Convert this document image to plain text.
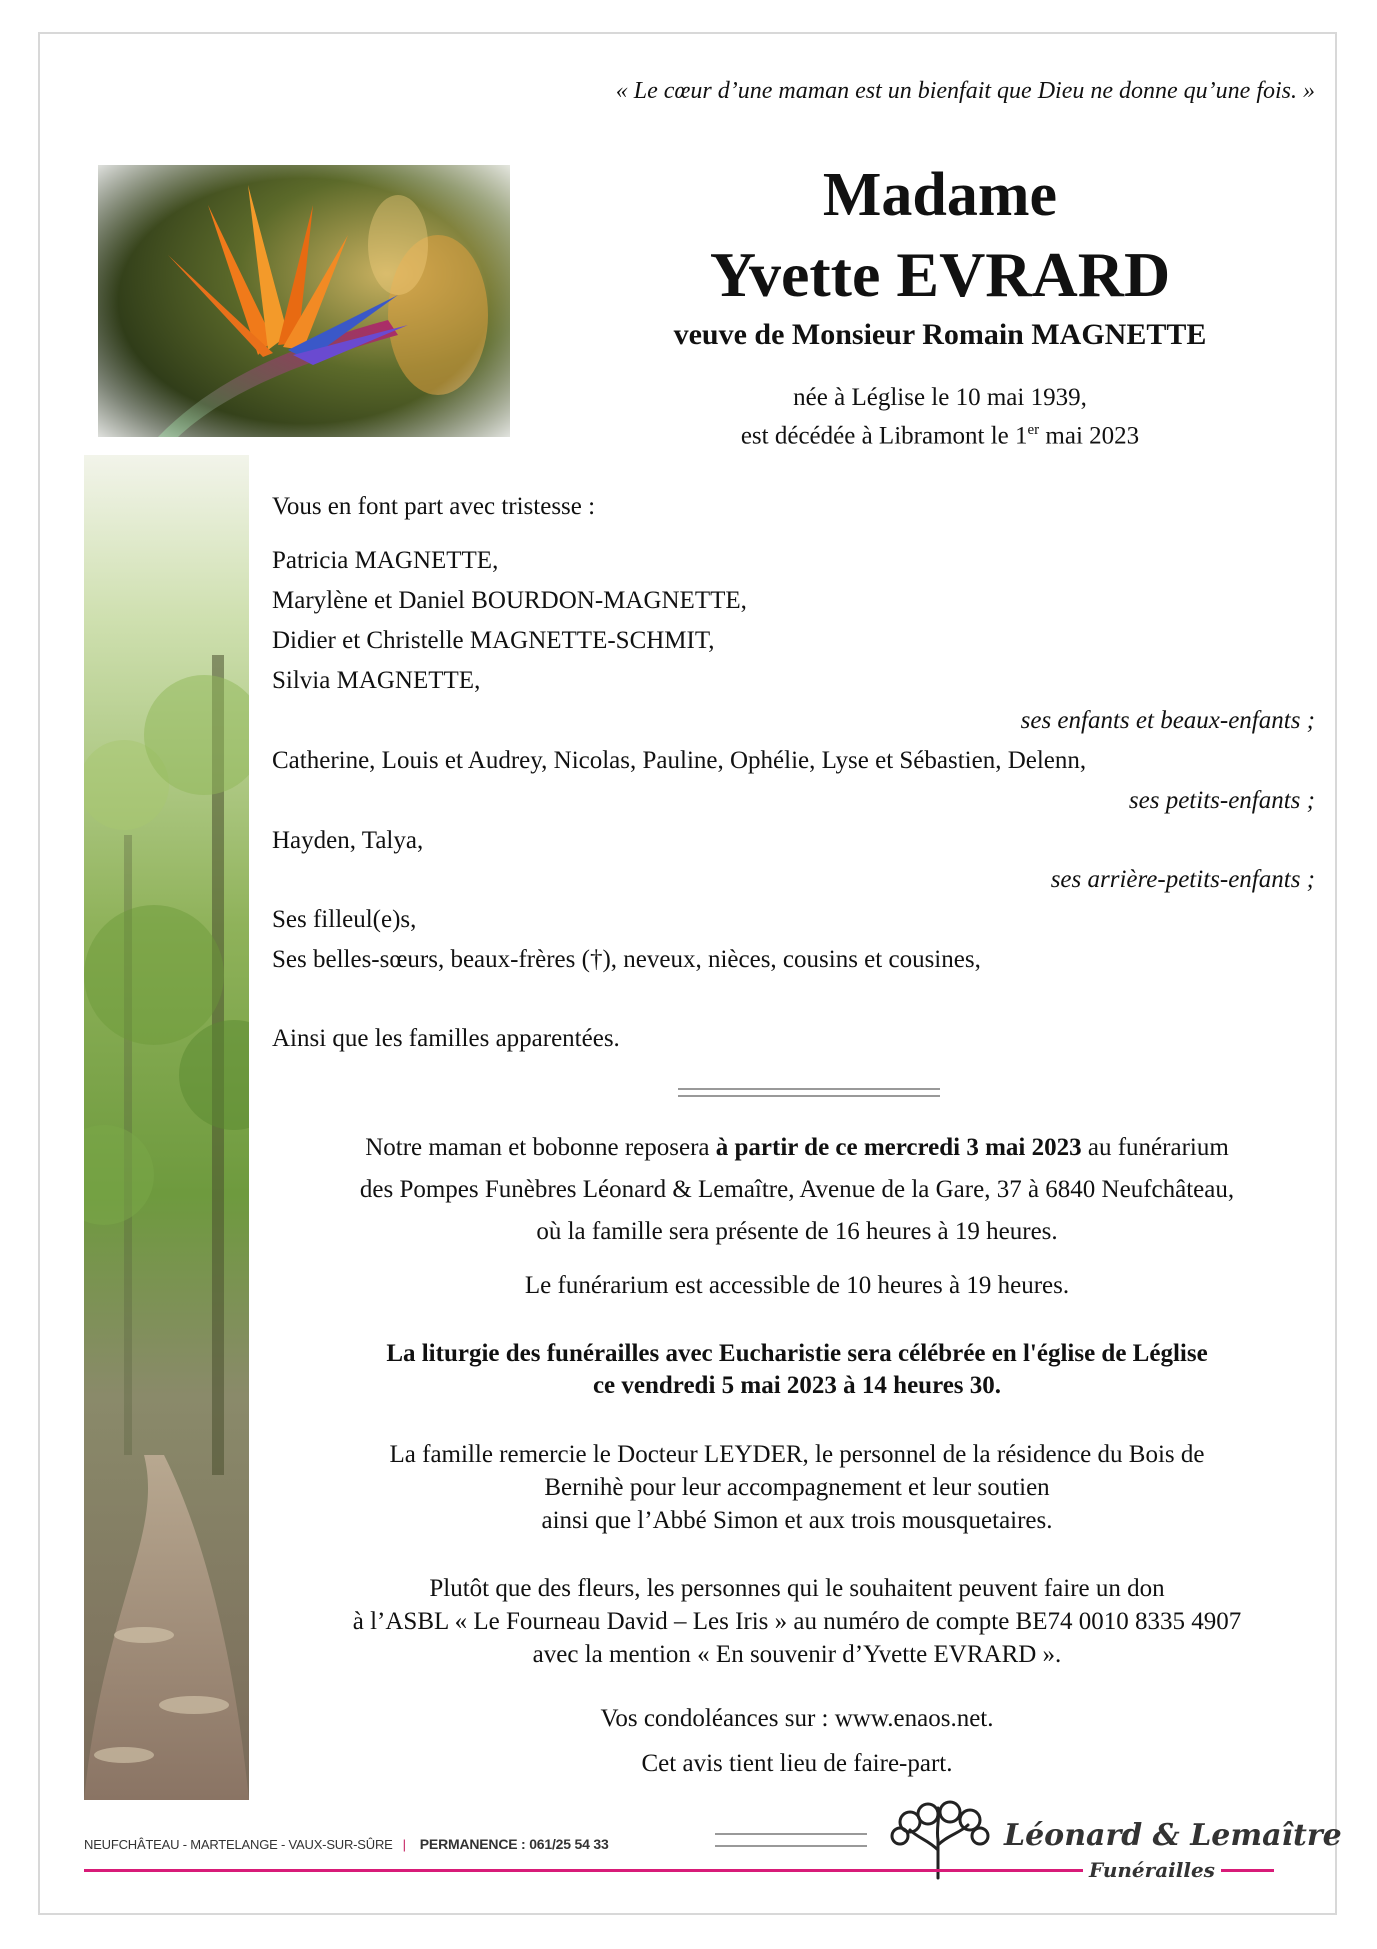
« Le cœur d’une maman est un bienfait que Dieu ne donne qu’une fois. »
Madame
Yvette EVRARD
veuve de Monsieur Romain MAGNETTE
née à Léglise le 10 mai 1939,
est décédée à Libramont le 1er mai 2023
Vous en font part avec tristesse :
Patricia MAGNETTE,
Marylène et Daniel BOURDON-MAGNETTE,
Didier et Christelle MAGNETTE-SCHMIT,
Silvia MAGNETTE,
ses enfants et beaux-enfants ;
Catherine, Louis et Audrey, Nicolas, Pauline, Ophélie, Lyse et Sébastien, Delenn,
ses petits-enfants ;
Hayden, Talya,
ses arrière-petits-enfants ;
Ses filleul(e)s,
Ses belles-sœurs, beaux-frères (†), neveux, nièces, cousins et cousines,
Ainsi que les familles apparentées.
Notre maman et bobonne reposera à partir de ce mercredi 3 mai 2023 au funérarium
des Pompes Funèbres Léonard & Lemaître, Avenue de la Gare, 37 à 6840 Neufchâteau,
où la famille sera présente de 16 heures à 19 heures.
Le funérarium est accessible de 10 heures à 19 heures.
La liturgie des funérailles avec Eucharistie sera célébrée en l'église de Léglise
ce vendredi 5 mai 2023 à 14 heures 30.
La famille remercie le Docteur LEYDER, le personnel de la résidence du Bois de
Bernihè pour leur accompagnement et leur soutien
ainsi que l’Abbé Simon et aux trois mousquetaires.
Plutôt que des fleurs, les personnes qui le souhaitent peuvent faire un don
à l’ASBL « Le Fourneau David – Les Iris » au numéro de compte BE74 0010 8335 4907
avec la mention « En souvenir d’Yvette EVRARD ».
Vos condoléances sur : www.enaos.net.
Cet avis tient lieu de faire-part.
NEUFCHÂTEAU - MARTELANGE - VAUX-SUR-SÛRE | PERMANENCE : 061/25 54 33	Léonard & Lemaître
Funérailles
